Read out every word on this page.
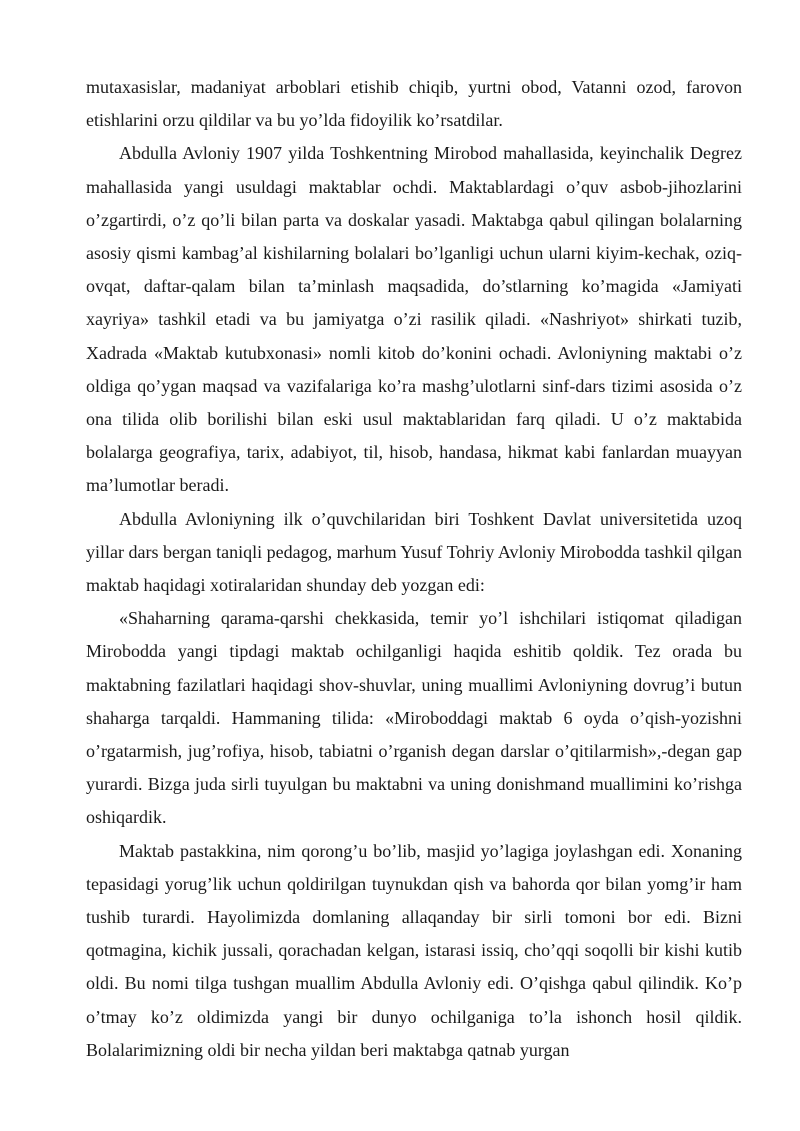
mutaxasislar, madaniyat arboblari etishib chiqib, yurtni obod, Vatanni ozod, farovon etishlarini orzu qildilar va bu yo’lda fidoyilik ko’rsatdilar.

Abdulla Avloniy 1907 yilda Toshkentning Mirobod mahallasida, keyinchalik Degrez mahallasida yangi usuldagi maktablar ochdi. Maktablardagi o’quv asbob-jihozlarini o’zgartirdi, o’z qo’li bilan parta va doskalar yasadi. Maktabga qabul qilingan bolalarning asosiy qismi kambag’al kishilarning bolalari bo’lganligi uchun ularni kiyim-kechak, oziq-ovqat, daftar-qalam bilan ta’minlash maqsadida, do’stlarning ko’magida «Jamiyati xayriya» tashkil etadi va bu jamiyatga o’zi rasilik qiladi. «Nashriyot» shirkati tuzib, Xadrada «Maktab kutubxonasi» nomli kitob do’konini ochadi. Avloniyning maktabi o’z oldiga qo’ygan maqsad va vazifalariga ko’ra mashg’ulotlarni sinf-dars tizimi asosida o’z ona tilida olib borilishi bilan eski usul maktablaridan farq qiladi. U o’z maktabida bolalarga geografiya, tarix, adabiyot, til, hisob, handasa, hikmat kabi fanlardan muayyan ma’lumotlar beradi.

Abdulla Avloniyning ilk o’quvchilaridan biri Toshkent Davlat universitetida uzoq yillar dars bergan taniqli pedagog, marhum Yusuf Tohriy Avloniy Mirobodda tashkil qilgan maktab haqidagi xotiralaridan shunday deb yozgan edi:

«Shaharning qarama-qarshi chekkasida, temir yo’l ishchilari istiqomat qiladigan Mirobodda yangi tipdagi maktab ochilganligi haqida eshitib qoldik. Tez orada bu maktabning fazilatlari haqidagi shov-shuvlar, uning muallimi Avloniyning dovrug’i butun shaharga tarqaldi. Hammaning tilida: «Miroboddagi maktab 6 oyda o’qish-yozishni o’rgatarmish, jug’rofiya, hisob, tabiatni o’rganish degan darslar o’qitilarmish»,-degan gap yurardi. Bizga juda sirli tuyulgan bu maktabni va uning donishmand muallimini ko’rishga oshiqardik.

Maktab pastakkina, nim qorong’u bo’lib, masjid yo’lagiga joylashgan edi. Xonaning tepasidagi yorug’lik uchun qoldirilgan tuynukdan qish va bahorda qor bilan yomg’ir ham tushib turardi. Hayolimizda domlaning allaqanday bir sirli tomoni bor edi. Bizni qotmagina, kichik jussali, qorachadan kelgan, istarasi issiq, cho’qqi soqolli bir kishi kutib oldi. Bu nomi tilga tushgan muallim Abdulla Avloniy edi. O’qishga qabul qilindik. Ko’p o’tmay ko’z oldimizda yangi bir dunyo ochilganiga to’la ishonch hosil qildik. Bolalarimizning oldi bir necha yildan beri maktabga qatnab yurgan
